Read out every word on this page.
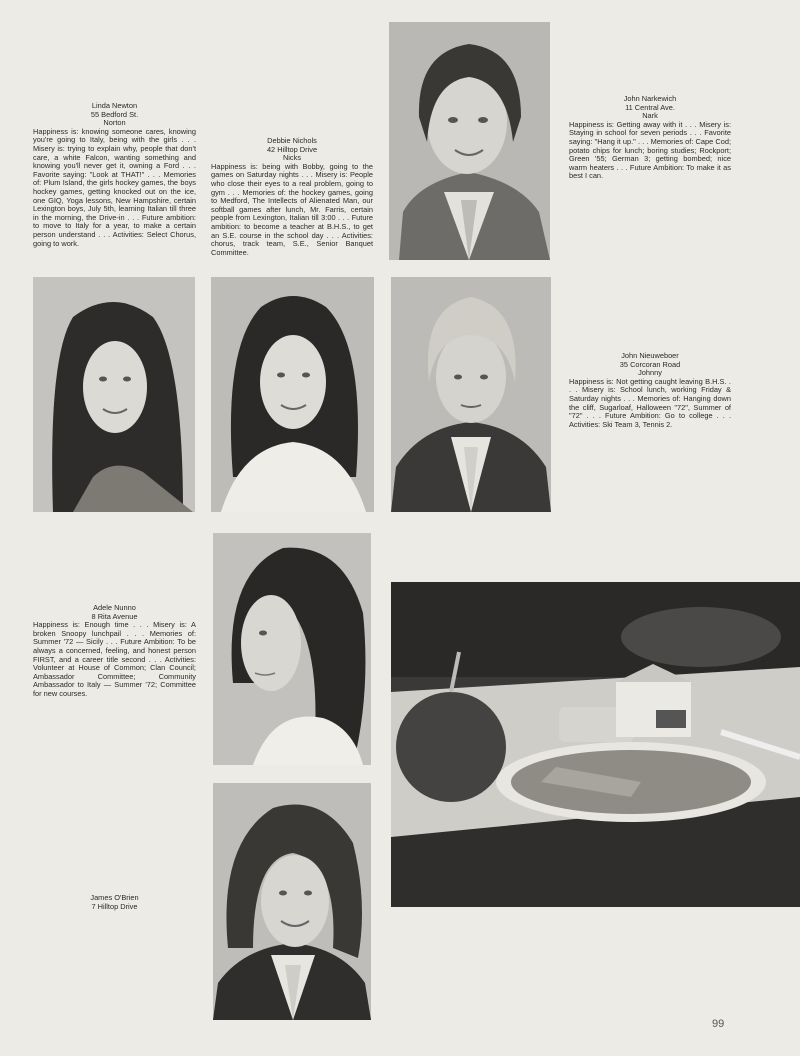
Linda Newton
55 Bedford St.
Norton
Happiness is: knowing someone cares, knowing you're going to Italy, being with the girls . . . Misery is: trying to explain why, people that don't care, a white Falcon, wanting something and knowing you'll never get it, owning a Ford . . . Favorite saying: "Look at THAT!" . . . Memories of: Plum Island, the girls hockey games, the boys hockey games, getting knocked out on the ice, one GIQ, Yoga lessons, New Hampshire, certain Lexington boys, July 5th, learning Italian till three in the morning, the Drive-in . . . Future ambition: to move to Italy for a year, to make a certain person understand . . . Activities: Select Chorus, going to work.
Debbie Nichols
42 Hilltop Drive
Nicks
Happiness is: being with Bobby, going to the games on Saturday nights . . . Misery is: People who close their eyes to a real problem, going to gym . . . Memories of: the hockey games, going to Medford, The Intellects of Alienated Man, our softball games after lunch, Mr. Farris, certain people from Lexington, Italian till 3:00 . . . Future ambition: to become a teacher at B.H.S., to get an S.E. course in the school day . . . Activities: chorus, track team, S.E., Senior Banquet Committee.
John Narkewich
11 Central Ave.
Nark
Happiness is: Getting away with it . . . Misery is: Staying in school for seven periods . . . Favorite saying: "Hang it up." . . . Memories of: Cape Cod; potato chips for lunch; boring studies; Rockport; Green '55; German 3; getting bombed; nice warm heaters . . . Future Ambition: To make it as best I can.
John Nieuweboer
35 Corcoran Road
Johnny
Happiness is: Not getting caught leaving B.H.S. . . . Misery is: School lunch, working Friday & Saturday nights . . . Memories of: Hanging down the cliff, Sugarloaf, Halloween "72", Summer of "72" . . . Future Ambition: Go to college . . . Activities: Ski Team 3, Tennis 2.
Adele Nunno
8 Rita Avenue
Happiness is: Enough time . . . Misery is: A broken Snoopy lunchpail . . . Memories of: Summer '72 — Sicily . . . Future Ambition: To be always a concerned, feeling, and honest person FIRST, and a career title second . . . Activities: Volunteer at House of Common; Clan Council; Ambassador Committee; Community Ambassador to Italy — Summer '72; Committee for new courses.
James O'Brien
7 Hilltop Drive
99
